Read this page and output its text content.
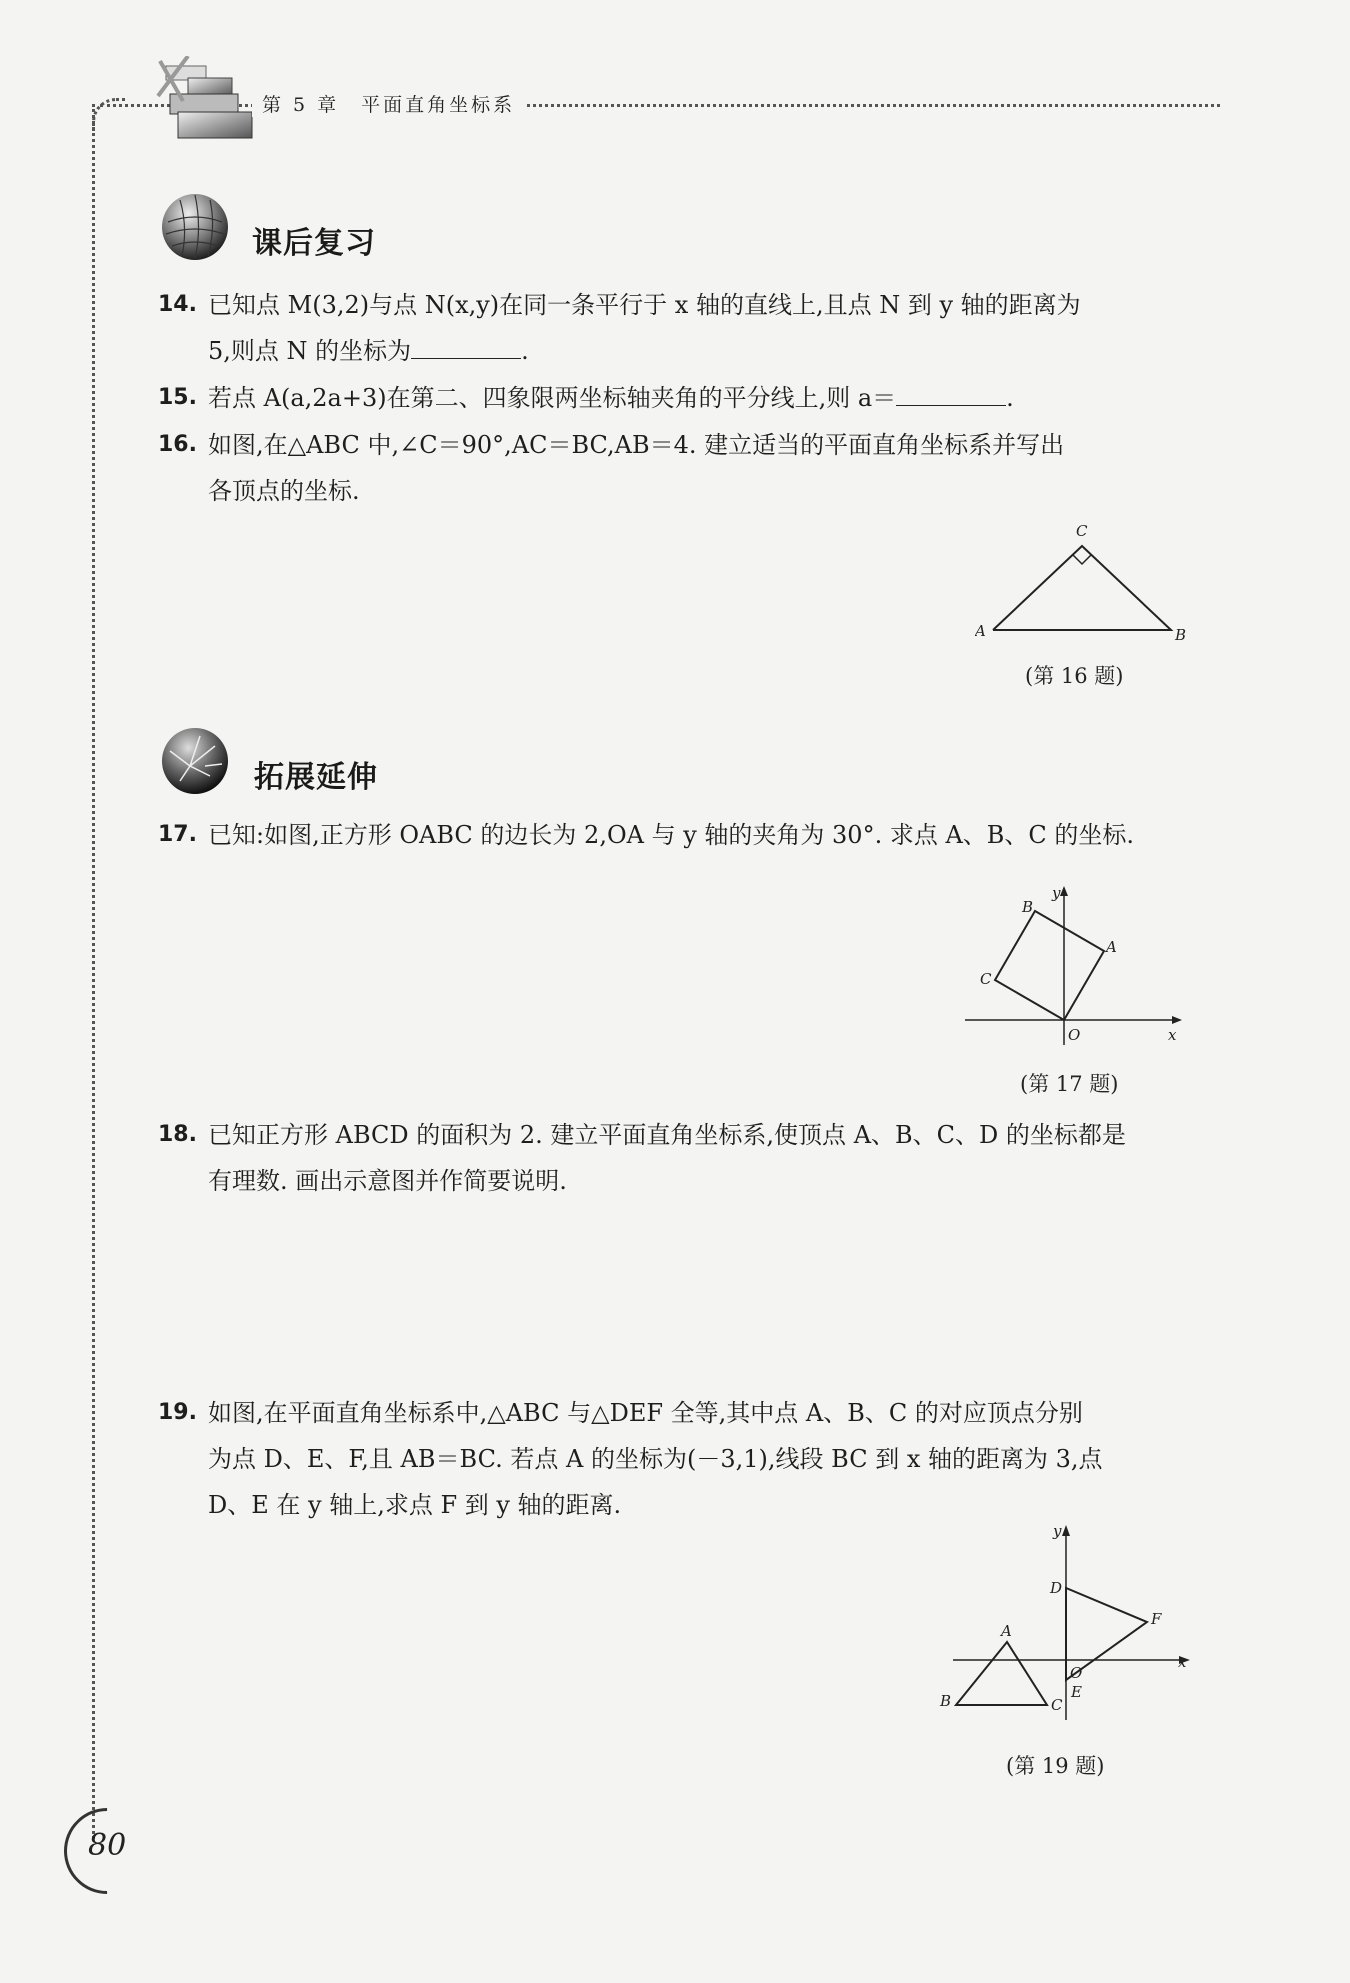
第 5 章　平面直角坐标系
课后复习
14. 已知点 M(3,2)与点 N(x,y)在同一条平行于 x 轴的直线上,且点 N 到 y 轴的距离为
5,则点 N 的坐标为	.
15. 若点 A(a,2a+3)在第二、四象限两坐标轴夹角的平分线上,则 a＝	.
16. 如图,在△ABC 中,∠C＝90°,AC＝BC,AB＝4. 建立适当的平面直角坐标系并写出
各顶点的坐标.
A	B
C
(第 16 题)
拓展延伸
17. 已知:如图,正方形 OABC 的边长为 2,OA 与 y 轴的夹角为 30°. 求点 A、B、C 的坐标.
O	x
y
A
B
C
(第 17 题)
18. 已知正方形 ABCD 的面积为 2. 建立平面直角坐标系,使顶点 A、B、C、D 的坐标都是
有理数. 画出示意图并作简要说明.
19. 如图,在平面直角坐标系中,△ABC 与△DEF 全等,其中点 A、B、C 的对应顶点分别
为点 D、E、F,且 AB＝BC. 若点 A 的坐标为(－3,1),线段 BC 到 x 轴的距离为 3,点
D、E 在 y 轴上,求点 F 到 y 轴的距离.
O
x
y
A
B	C
D
E
F
(第 19 题)
80
